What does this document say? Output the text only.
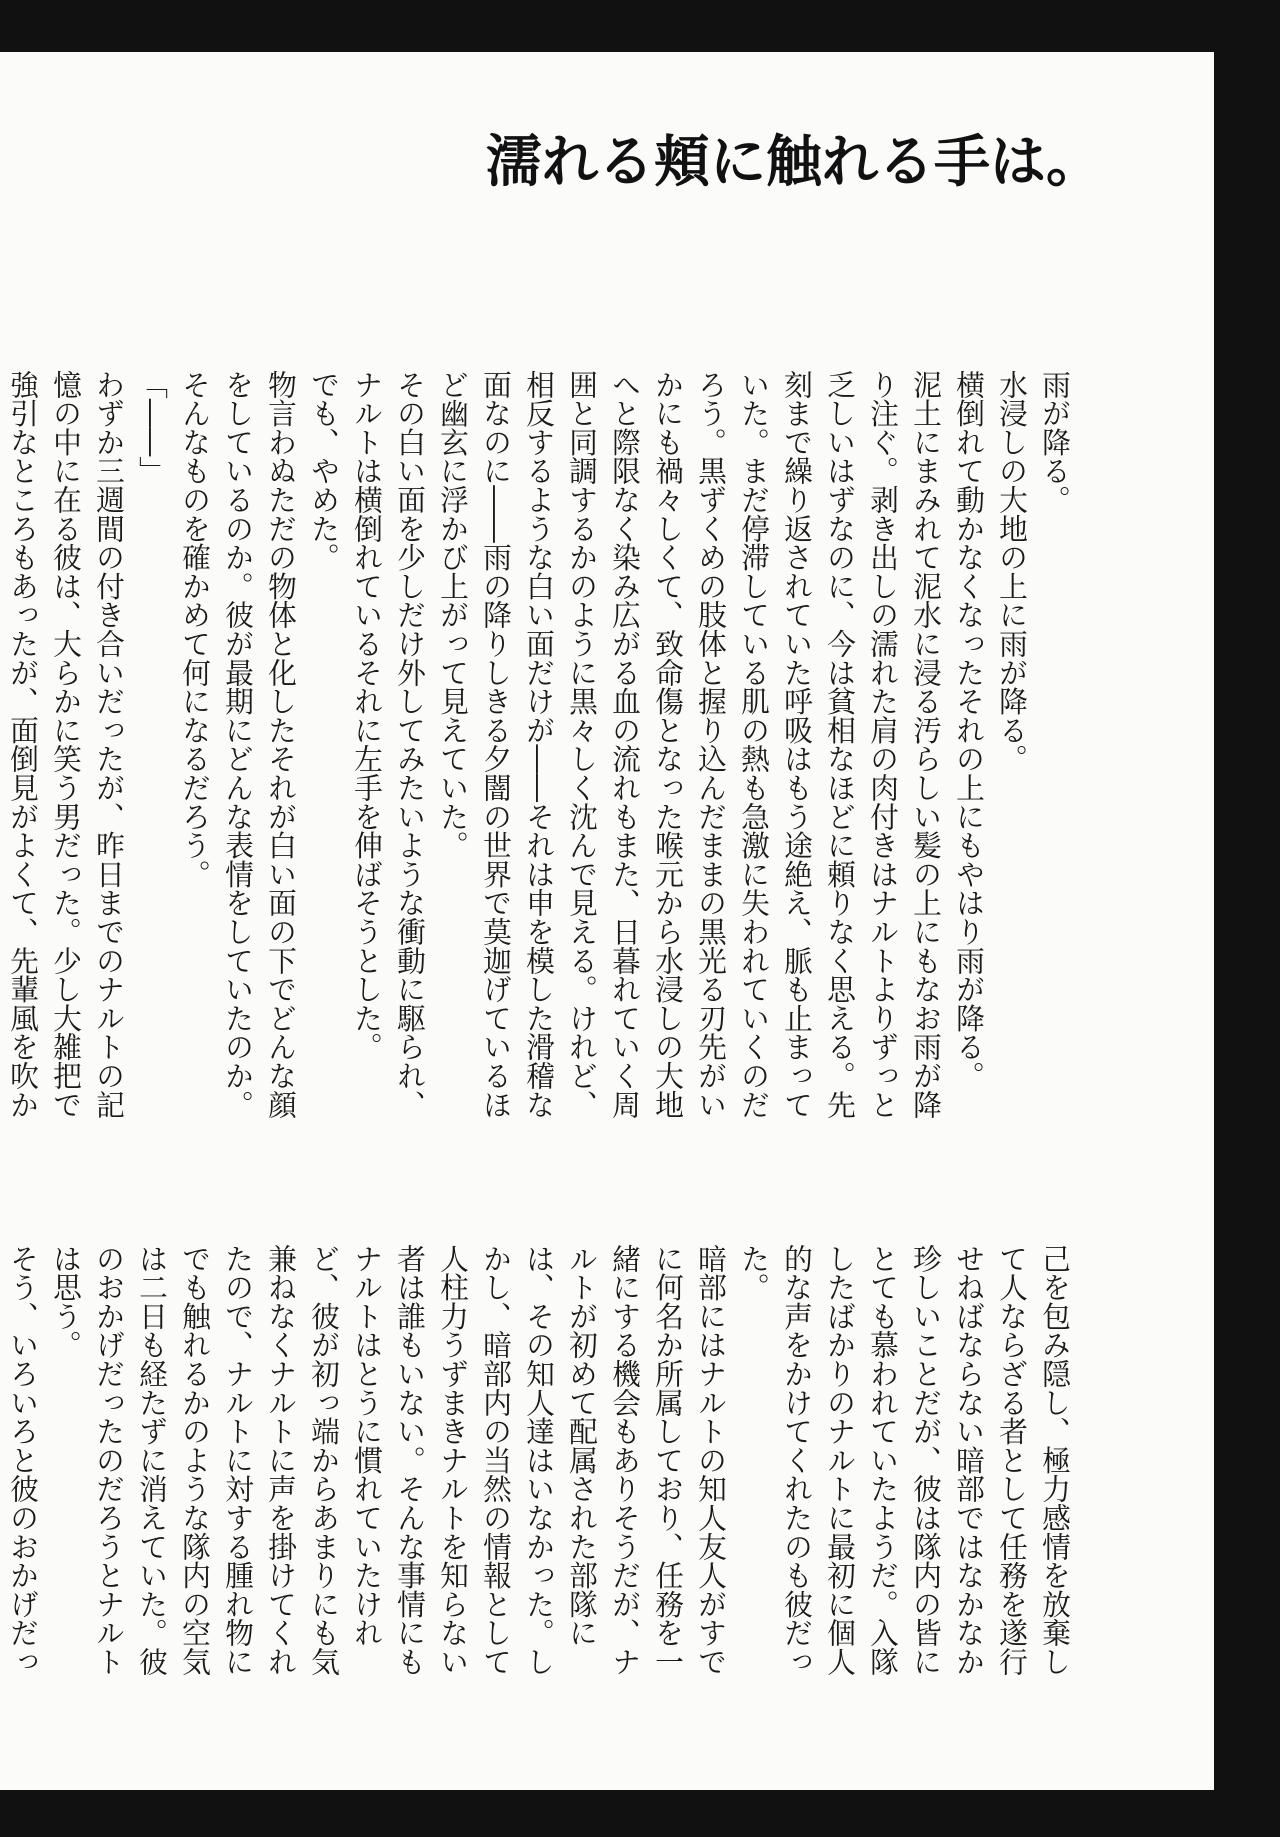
濡れる頬に触れる手は。

雨が降る。

水浸しの大地の上に雨が降る。

横倒れて動かなくなったそれの上にもやはり雨が降る。

泥土にまみれて泥水に浸る汚らしい髪の上にもなお雨が降り注ぐ。剥き出しの濡れた肩の肉付きはナルトよりずっと乏しいはずなのに、今は貧相なほどに頼りなく思える。先刻まで繰り返されていた呼吸はもう途絶え、脈も止まっていた。まだ停滞している肌の熱も急激に失われていくのだろう。黒ずくめの肢体と握り込んだままの黒光る刃先がいかにも禍々しくて、致命傷となった喉元から水浸しの大地へと際限なく染み広がる血の流れもまた、日暮れていく周囲と同調するかのように黒々しく沈んで見える。けれど、相反するような白い面だけが――それは申を模した滑稽な面なのに――雨の降りしきる夕闇の世界で莫迦げているほど幽玄に浮かび上がって見えていた。

その白い面を少しだけ外してみたいような衝動に駆られ、ナルトは横倒れているそれに左手を伸ばそうとした。

でも、やめた。

物言わぬただの物体と化したそれが白い面の下でどんな顔をしているのか。彼が最期にどんな表情をしていたのか。そんなものを確かめて何になるだろう。

「――」

わずか三週間の付き合いだったが、昨日までのナルトの記憶の中に在る彼は、大らかに笑う男だった。少し大雑把で強引なところもあったが、面倒見がよくて、先輩風を吹か

己を包み隠し、極力感情を放棄して人ならざる者として任務を遂行せねばならない暗部ではなかなか珍しいことだが、彼は隊内の皆にとても慕われていたようだ。入隊したばかりのナルトに最初に個人的な声をかけてくれたのも彼だった。

暗部にはナルトの知人友人がすでに何名か所属しており、任務を一緒にする機会もありそうだが、ナルトが初めて配属された部隊には、その知人達はいなかった。しかし、暗部内の当然の情報として人柱力うずまきナルトを知らない者は誰もいない。そんな事情にもナルトはとうに慣れていたけれど、彼が初っ端からあまりにも気兼ねなくナルトに声を掛けてくれたので、ナルトに対する腫れ物にでも触れるかのような隊内の空気は二日も経たずに消えていた。彼のおかげだったのだろうとナルトは思う。

そう、いろいろと彼のおかげだっ
